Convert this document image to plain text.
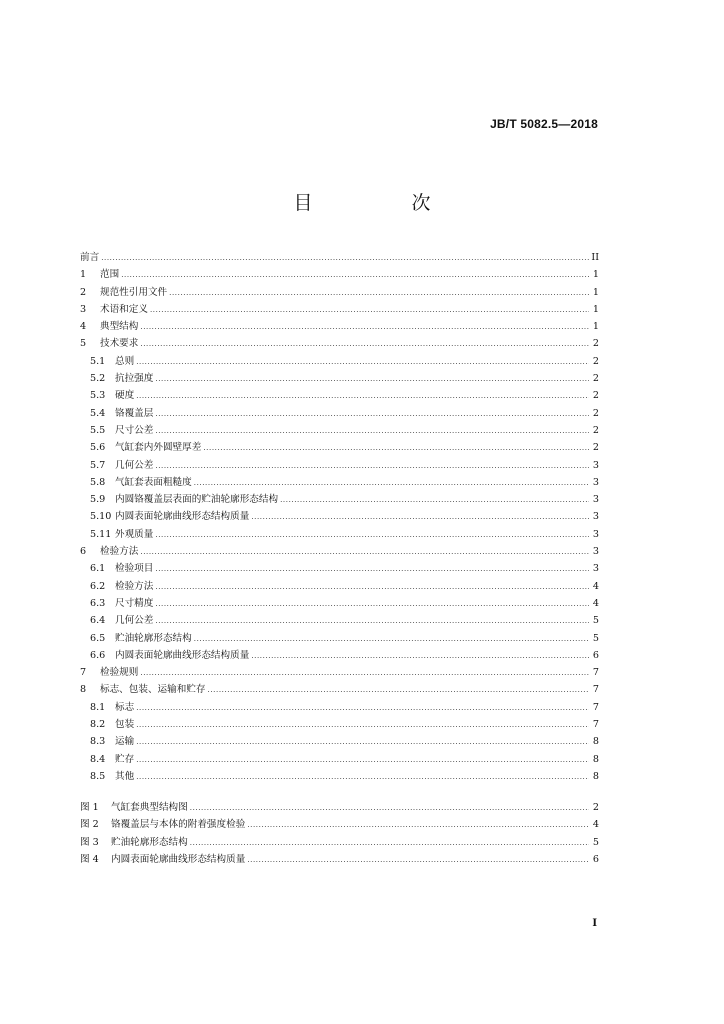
JB/T 5082.5—2018
目　次
前言 .....	II
1	范围 .....	1
2	规范性引用文件 .....	1
3	术语和定义 .....	1
4	典型结构 .....	1
5	技术要求 .....	2
5.1	总则 .....	2
5.2	抗拉强度 .....	2
5.3	硬度 .....	2
5.4	铬覆盖层 .....	2
5.5	尺寸公差 .....	2
5.6	气缸套内外圆壁厚差 .....	2
5.7	几何公差 .....	3
5.8	气缸套表面粗糙度 .....	3
5.9	内圆铬覆盖层表面的贮油轮廓形态结构 .....	3
5.10 内圆表面轮廓曲线形态结构质量 .....	3
5.11 外观质量 .....	3
6	检验方法 .....	3
6.1	检验项目 .....	3
6.2	检验方法 .....	4
6.3	尺寸精度 .....	4
6.4	几何公差 .....	5
6.5	贮油轮廓形态结构 .....	5
6.6	内圆表面轮廓曲线形态结构质量 .....	6
7	检验规则 .....	7
8	标志、包装、运输和贮存 .....	7
8.1	标志 .....	7
8.2	包装 .....	7
8.3	运输 .....	8
8.4	贮存 .....	8
8.5	其他 .....	8
图 1	气缸套典型结构图 .....	2
图 2	铬覆盖层与本体的附着强度检验 .....	4
图 3	贮油轮廓形态结构 .....	5
图 4	内圆表面轮廓曲线形态结构质量 .....	6
I
